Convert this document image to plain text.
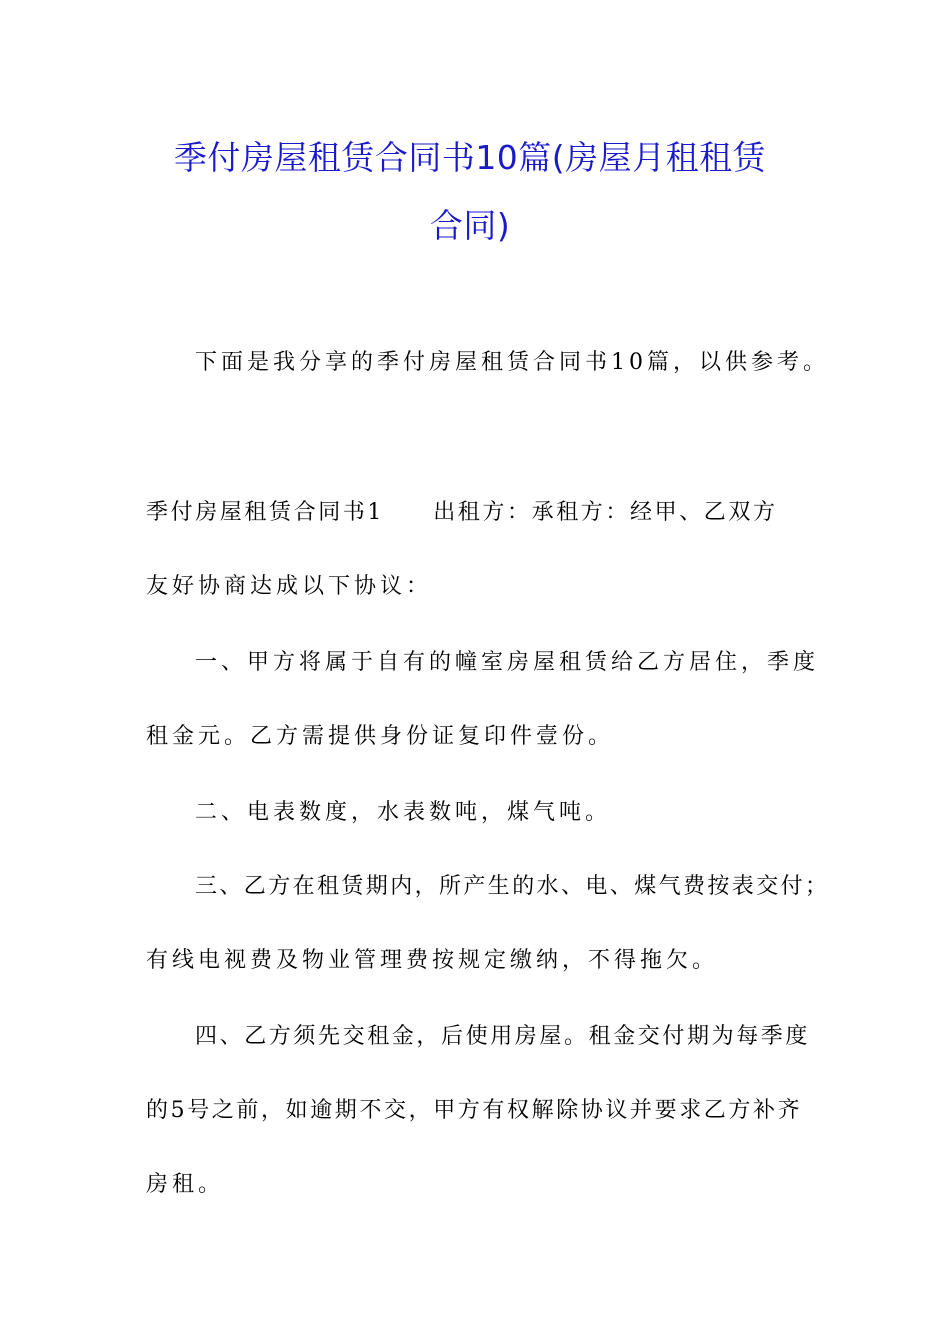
季付房屋租赁合同书10篇(房屋月租租赁
合同)

下面是我分享的季付房屋租赁合同书10篇，以供参考。

季付房屋租赁合同书1　　出租方：承租方：经甲、乙双方

友好协商达成以下协议：

一、甲方将属于自有的幢室房屋租赁给乙方居住，季度

租金元。乙方需提供身份证复印件壹份。

二、电表数度，水表数吨，煤气吨。

三、乙方在租赁期内，所产生的水、电、煤气费按表交付；

有线电视费及物业管理费按规定缴纳，不得拖欠。

四、乙方须先交租金，后使用房屋。租金交付期为每季度

的5号之前，如逾期不交，甲方有权解除协议并要求乙方补齐

房租。
